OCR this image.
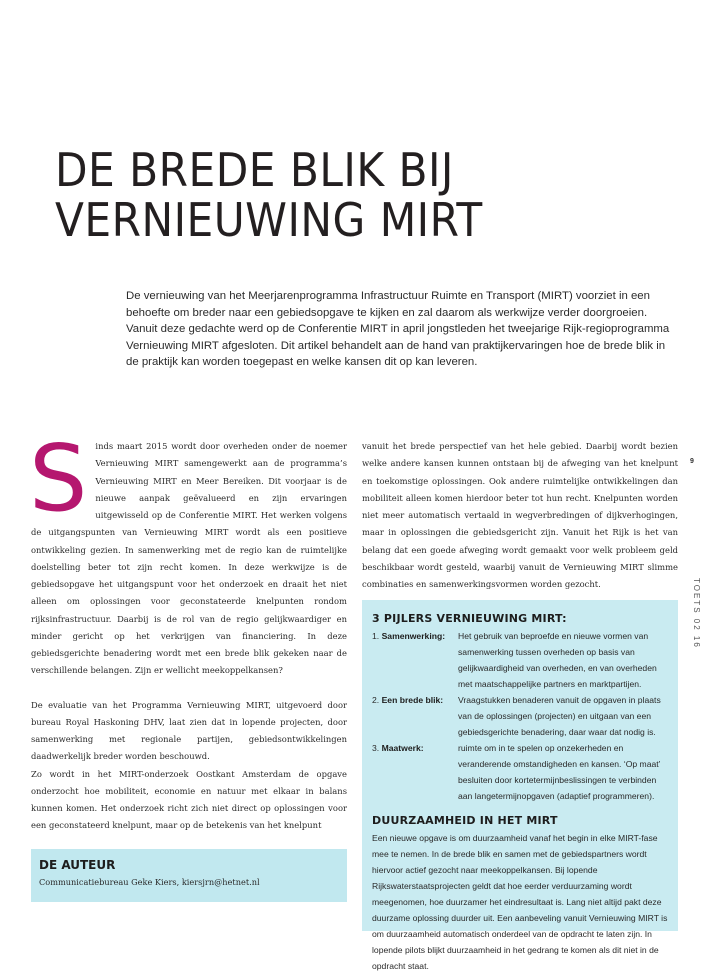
DE BREDE BLIK BIJ
VERNIEUWING MIRT

De vernieuwing van het Meerjarenprogramma Infrastructuur Ruimte en Transport (MIRT) voorziet in een behoefte om breder naar een gebiedsopgave te kijken en zal daarom als werkwijze verder doorgroeien. Vanuit deze gedachte werd op de Conferentie MIRT in april jongstleden het tweejarige Rijk-regioprogramma Vernieuwing MIRT afgesloten. Dit artikel behandelt aan de hand van praktijkervaringen hoe de brede blik in de praktijk kan worden toegepast en welke kansen dit op kan leveren.

Sinds maart 2015 wordt door overheden onder de noemer Vernieuwing MIRT samengewerkt aan de programma’s Vernieuwing MIRT en Meer Bereiken. Dit voorjaar is de nieuwe aanpak geëvalueerd en zijn ervaringen uitgewisseld op de Conferentie MIRT. Het werken volgens de uitgangspunten van Vernieuwing MIRT wordt als een positieve ontwikkeling gezien. In samenwerking met de regio kan de ruimtelijke doelstelling beter tot zijn recht komen. In deze werkwijze is de gebiedsopgave het uitgangspunt voor het onderzoek en draait het niet alleen om oplossingen voor geconstateerde knelpunten rondom rijksinfrastructuur. Daarbij is de rol van de regio gelijkwaardiger en minder gericht op het verkrijgen van financiering. In deze gebiedsgerichte benadering wordt met een brede blik gekeken naar de verschillende belangen. Zijn er wellicht meekoppelkansen?

De evaluatie van het Programma Vernieuwing MIRT, uitgevoerd door bureau Royal Haskoning DHV, laat zien dat in lopende projecten, door samenwerking met regionale partijen, gebiedsontwikkelingen daadwerkelijk breder worden beschouwd.

Zo wordt in het MIRT-onderzoek Oostkant Amsterdam de opgave onderzocht hoe mobiliteit, economie en natuur met elkaar in balans kunnen komen. Het onderzoek richt zich niet direct op oplossingen voor een geconstateerd knelpunt, maar op de betekenis van het knelpunt

vanuit het brede perspectief van het hele gebied. Daarbij wordt bezien welke andere kansen kunnen ontstaan bij de afweging van het knelpunt en toekomstige oplossingen. Ook andere ruimtelijke ontwikkelingen dan mobiliteit alleen komen hierdoor beter tot hun recht. Knelpunten worden niet meer automatisch vertaald in wegverbredingen of dijkverhogingen, maar in oplossingen die gebiedsgericht zijn. Vanuit het Rijk is het van belang dat een goede afweging wordt gemaakt voor welk probleem geld beschikbaar wordt gesteld, waarbij vanuit de Vernieuwing MIRT slimme combinaties en samenwerkingsvormen worden gezocht.

9
TOETS 02 16

3 PIJLERS VERNIEUWING MIRT:

1. Samenwerking:	Het gebruik van beproefde en nieuwe vormen van samenwerking tussen overheden op basis van gelijkwaardigheid van overheden, en van overheden met maatschappelijke partners en marktpartijen.
2. Een brede blik:	Vraagstukken benaderen vanuit de opgaven in plaats van de oplossingen (projecten) en uitgaan van een gebiedsgerichte benadering, daar waar dat nodig is.
3. Maatwerk:	ruimte om in te spelen op onzekerheden en veranderende omstandigheden en kansen. ‘Op maat’ besluiten door kortetermijnbeslissingen te verbinden aan langetermijnopgaven (adaptief programmeren).

DUURZAAMHEID IN HET MIRT

Een nieuwe opgave is om duurzaamheid vanaf het begin in elke MIRT-fase mee te nemen. In de brede blik en samen met de gebiedspartners wordt hiervoor actief gezocht naar meekoppelkansen. Bij lopende Rijkswaterstaatsprojecten geldt dat hoe eerder verduurzaming wordt meegenomen, hoe duurzamer het eindresultaat is. Lang niet altijd pakt deze duurzame oplossing duurder uit. Een aanbeveling vanuit Vernieuwing MIRT is om duurzaamheid automatisch onderdeel van de opdracht te laten zijn. In lopende pilots blijkt duurzaamheid in het gedrang te komen als dit niet in de opdracht staat.

DE AUTEUR

Communicatiebureau Geke Kiers, kiersjrn@hetnet.nl
